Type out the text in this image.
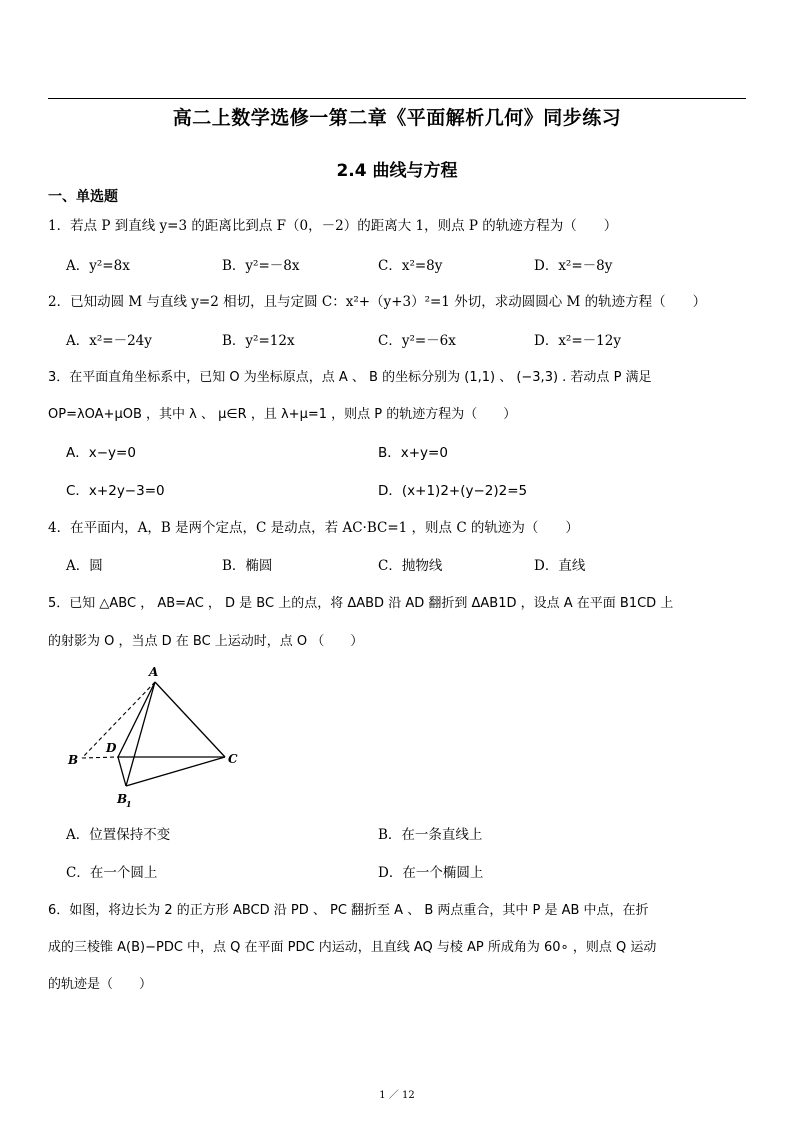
高二上数学选修一第二章《平面解析几何》同步练习
2.4 曲线与方程
一、单选题
1．若点 P 到直线 y=3 的距离比到点 F（0，－2）的距离大 1，则点 P 的轨迹方程为（　　）
A．y²=8x	B．y²=－8x	C．x²=8y	D．x²=－8y
2．已知动圆 M 与直线 y=2 相切，且与定圆 C：x²+（y+3）²=1 外切，求动圆圆心 M 的轨迹方程（　　）
A．x²=－24y	B．y²=12x	C．y²=－6x	D．x²=－12y
3．在平面直角坐标系中，已知 O 为坐标原点，点 A 、 B 的坐标分别为 (1,1) 、 (−3,3) . 若动点 P 满足
OP=λOA+μOB ，其中 λ 、 μ∈R ，且 λ+μ=1 ，则点 P 的轨迹方程为（　　）
A．x−y=0	B．x+y=0
C．x+2y−3=0	D．(x+1)2+(y−2)2=5
4．在平面内，A，B 是两个定点，C 是动点，若 AC·BC=1 ，则点 C 的轨迹为（　　）
A．圆	B．椭圆	C．抛物线	D．直线
5．已知 △ABC ， AB=AC ， D 是 BC 上的点，将 ΔABD 沿 AD 翻折到 ΔAB1D ，设点 A 在平面 B1CD 上
的射影为 O ，当点 D 在 BC 上运动时，点 O （　　）
A
B	C
D
B
1
A．位置保持不变	B．在一条直线上
C．在一个圆上	D．在一个椭圆上
6．如图，将边长为 2 的正方形 ABCD 沿 PD 、 PC 翻折至 A 、 B 两点重合，其中 P 是 AB 中点，在折
成的三棱锥 A(B)−PDC 中，点 Q 在平面 PDC 内运动，且直线 AQ 与棱 AP 所成角为 60∘ ，则点 Q 运动
的轨迹是（　　）
1 ／ 12
